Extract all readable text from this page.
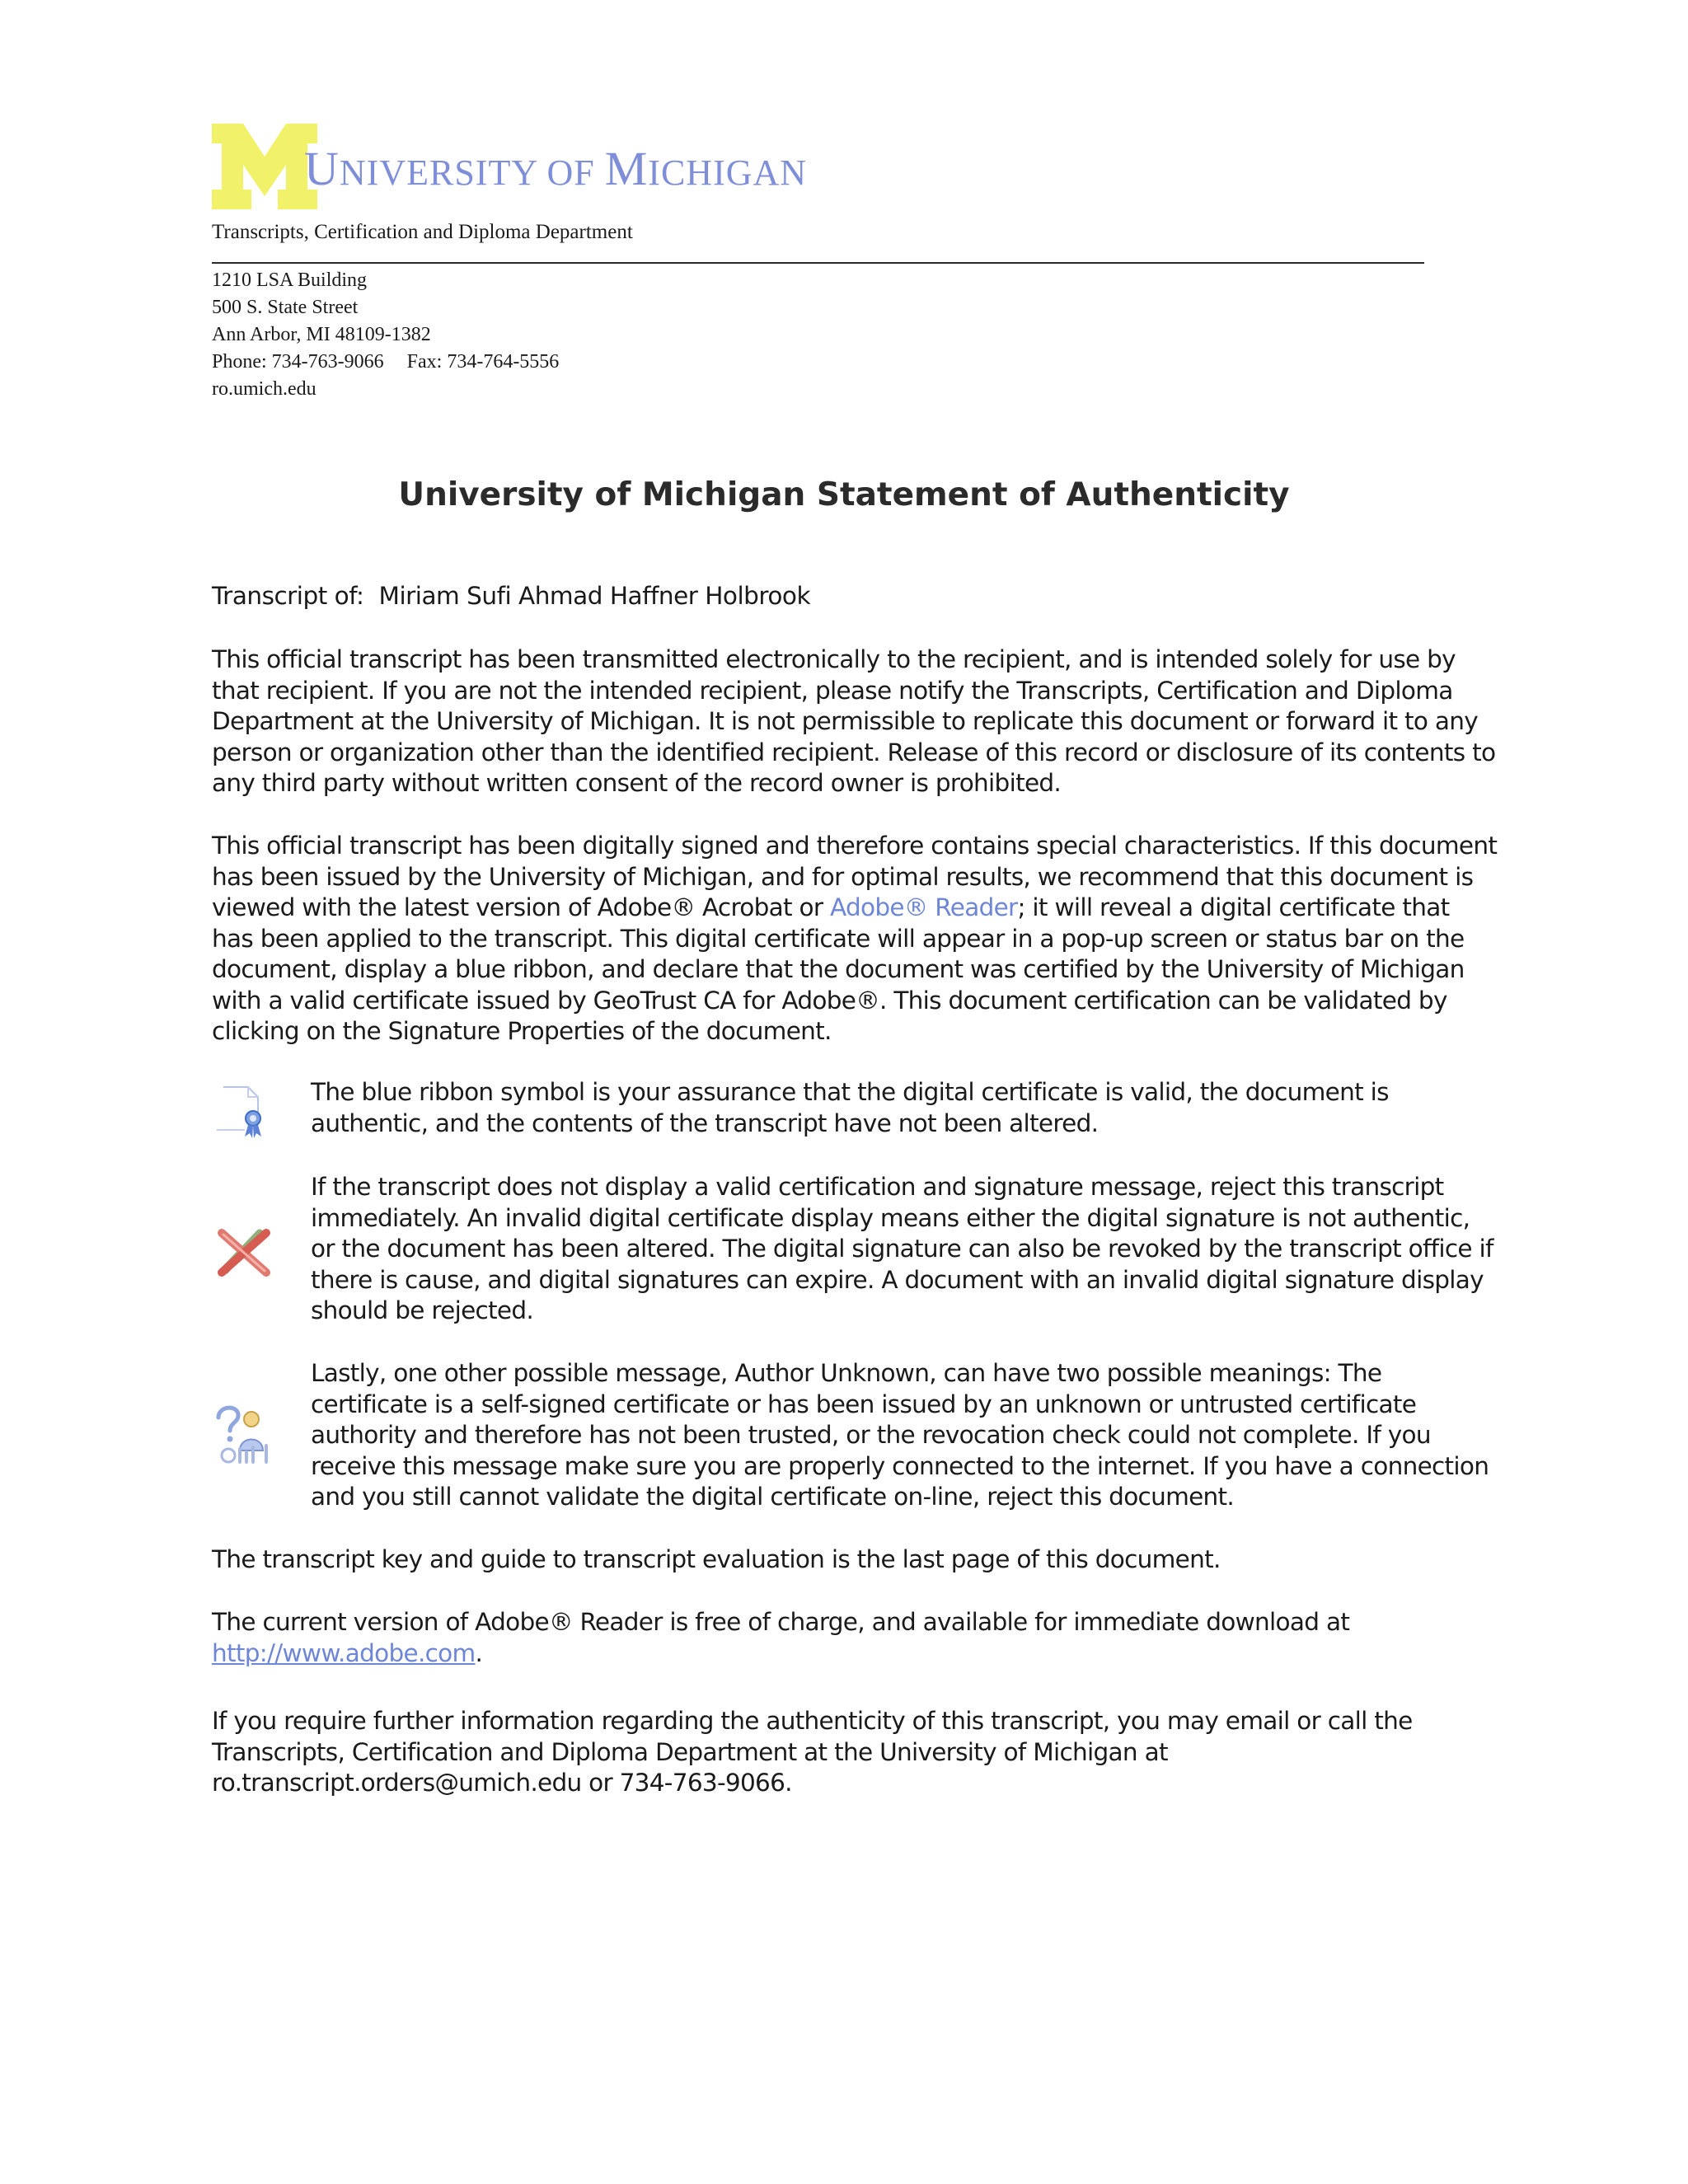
UNIVERSITY OF MICHIGAN
Transcripts, Certification and Diploma Department
1210 LSA Building
500 S. State Street
Ann Arbor, MI 48109-1382
Phone: 734-763-9066 Fax: 734-764-5556
ro.umich.edu
University of Michigan Statement of Authenticity
Transcript of: Miriam Sufi Ahmad Haffner Holbrook
This official transcript has been transmitted electronically to the recipient, and is intended solely for use by that recipient. If you are not the intended recipient, please notify the Transcripts, Certification and Diploma Department at the University of Michigan. It is not permissible to replicate this document or forward it to any person or organization other than the identified recipient. Release of this record or disclosure of its contents to any third party without written consent of the record owner is prohibited.
This official transcript has been digitally signed and therefore contains special characteristics. If this document has been issued by the University of Michigan, and for optimal results, we recommend that this document is viewed with the latest version of Adobe® Acrobat or Adobe® Reader; it will reveal a digital certificate that has been applied to the transcript. This digital certificate will appear in a pop-up screen or status bar on the document, display a blue ribbon, and declare that the document was certified by the University of Michigan with a valid certificate issued by GeoTrust CA for Adobe®. This document certification can be validated by clicking on the Signature Properties of the document.
The blue ribbon symbol is your assurance that the digital certificate is valid, the document is authentic, and the contents of the transcript have not been altered.
If the transcript does not display a valid certification and signature message, reject this transcript immediately. An invalid digital certificate display means either the digital signature is not authentic, or the document has been altered. The digital signature can also be revoked by the transcript office if there is cause, and digital signatures can expire. A document with an invalid digital signature display should be rejected.
Lastly, one other possible message, Author Unknown, can have two possible meanings: The certificate is a self-signed certificate or has been issued by an unknown or untrusted certificate authority and therefore has not been trusted, or the revocation check could not complete. If you receive this message make sure you are properly connected to the internet. If you have a connection and you still cannot validate the digital certificate on-line, reject this document.
The transcript key and guide to transcript evaluation is the last page of this document.
The current version of Adobe® Reader is free of charge, and available for immediate download at http://www.adobe.com.
If you require further information regarding the authenticity of this transcript, you may email or call the Transcripts, Certification and Diploma Department at the University of Michigan at ro.transcript.orders@umich.edu or 734-763-9066.
